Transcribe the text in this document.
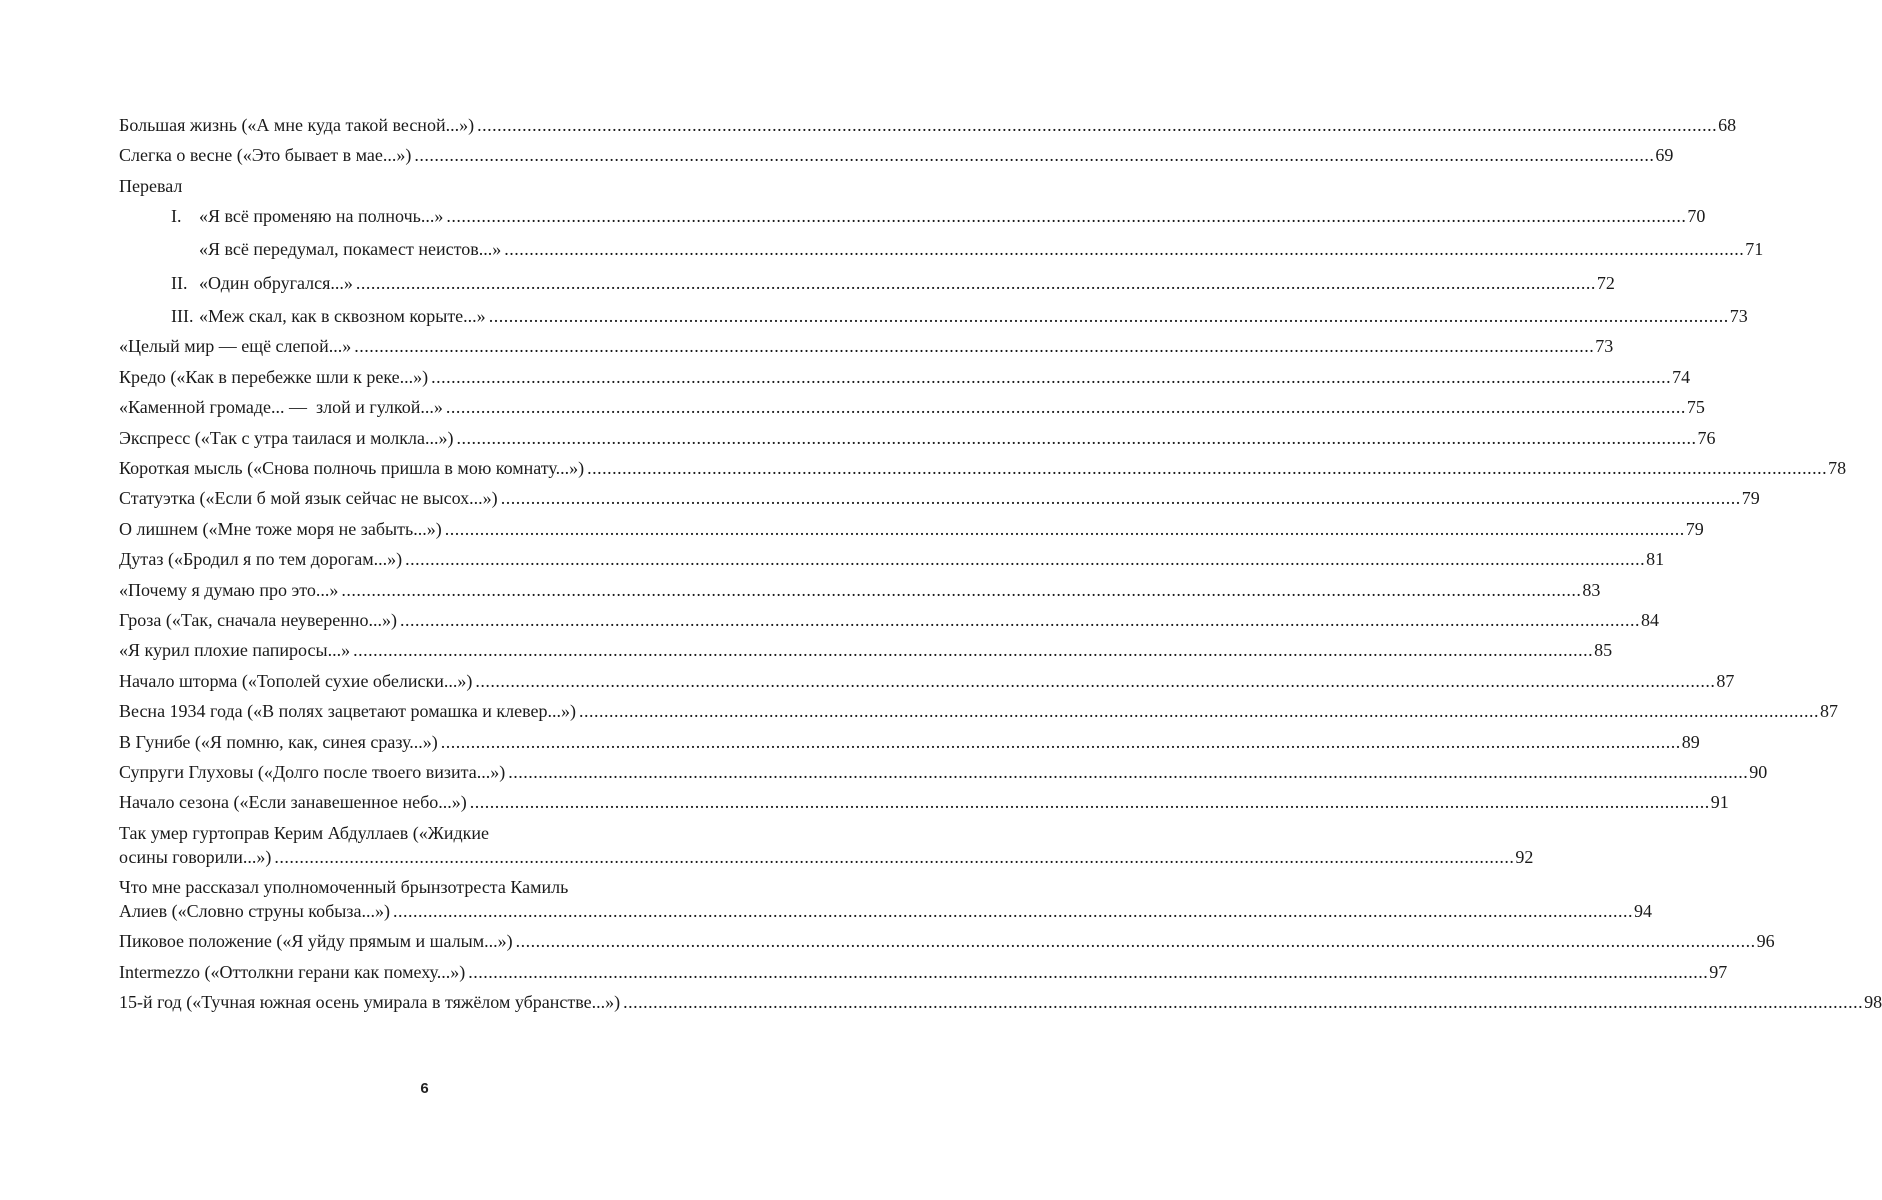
Большая жизнь («А мне куда такой весной...») .....	68
Слегка о весне («Это бывает в мае...») .....	69
Перевал
I. «Я всё променяю на полночь...» .....	70
«Я всё передумал, покамест неистов...» .....	71
II. «Один обругался...» .....	72
III. «Меж скал, как в сквозном корыте...» .....	73
«Целый мир — ещё слепой...» .....	73
Кредо («Как в перебежке шли к реке...») .....	74
«Каменной громаде... —  злой и гулкой...» .....	75
Экспресс («Так с утра таилася и молкла...») .....	76
Короткая мысль («Снова полночь пришла в мою комнату...») .....	78
Статуэтка («Если б мой язык сейчас не высох...») .....	79
О лишнем («Мне тоже моря не забыть...») .....	79
Дутаз («Бродил я по тем дорогам...») .....	81
«Почему я думаю про это...» .....	83
Гроза («Так, сначала неуверенно...») .....	84
«Я курил плохие папиросы...» .....	85
Начало шторма («Тополей сухие обелиски...») .....	87
Весна 1934 года («В полях зацветают ромашка и клевер...») .....	87
В Гунибе («Я помню, как, синея сразу...») .....	89
Супруги Глуховы («Долго после твоего визита...») .....	90
Начало сезона («Если занавешенное небо...») .....	91
Так умер гуртоправ Керим Абдуллаев («Жидкие
осины говорили...») .....	92
Что мне рассказал уполномоченный брынзотреста Камиль
Алиев («Словно струны кобыза...») .....	94
Пиковое положение («Я уйду прямым и шалым...») .....	96
Intermezzo («Оттолкни герани как помеху...») .....	97
15-й год («Тучная южная осень умирала в тяжёлом убранстве...») .....	98
6
